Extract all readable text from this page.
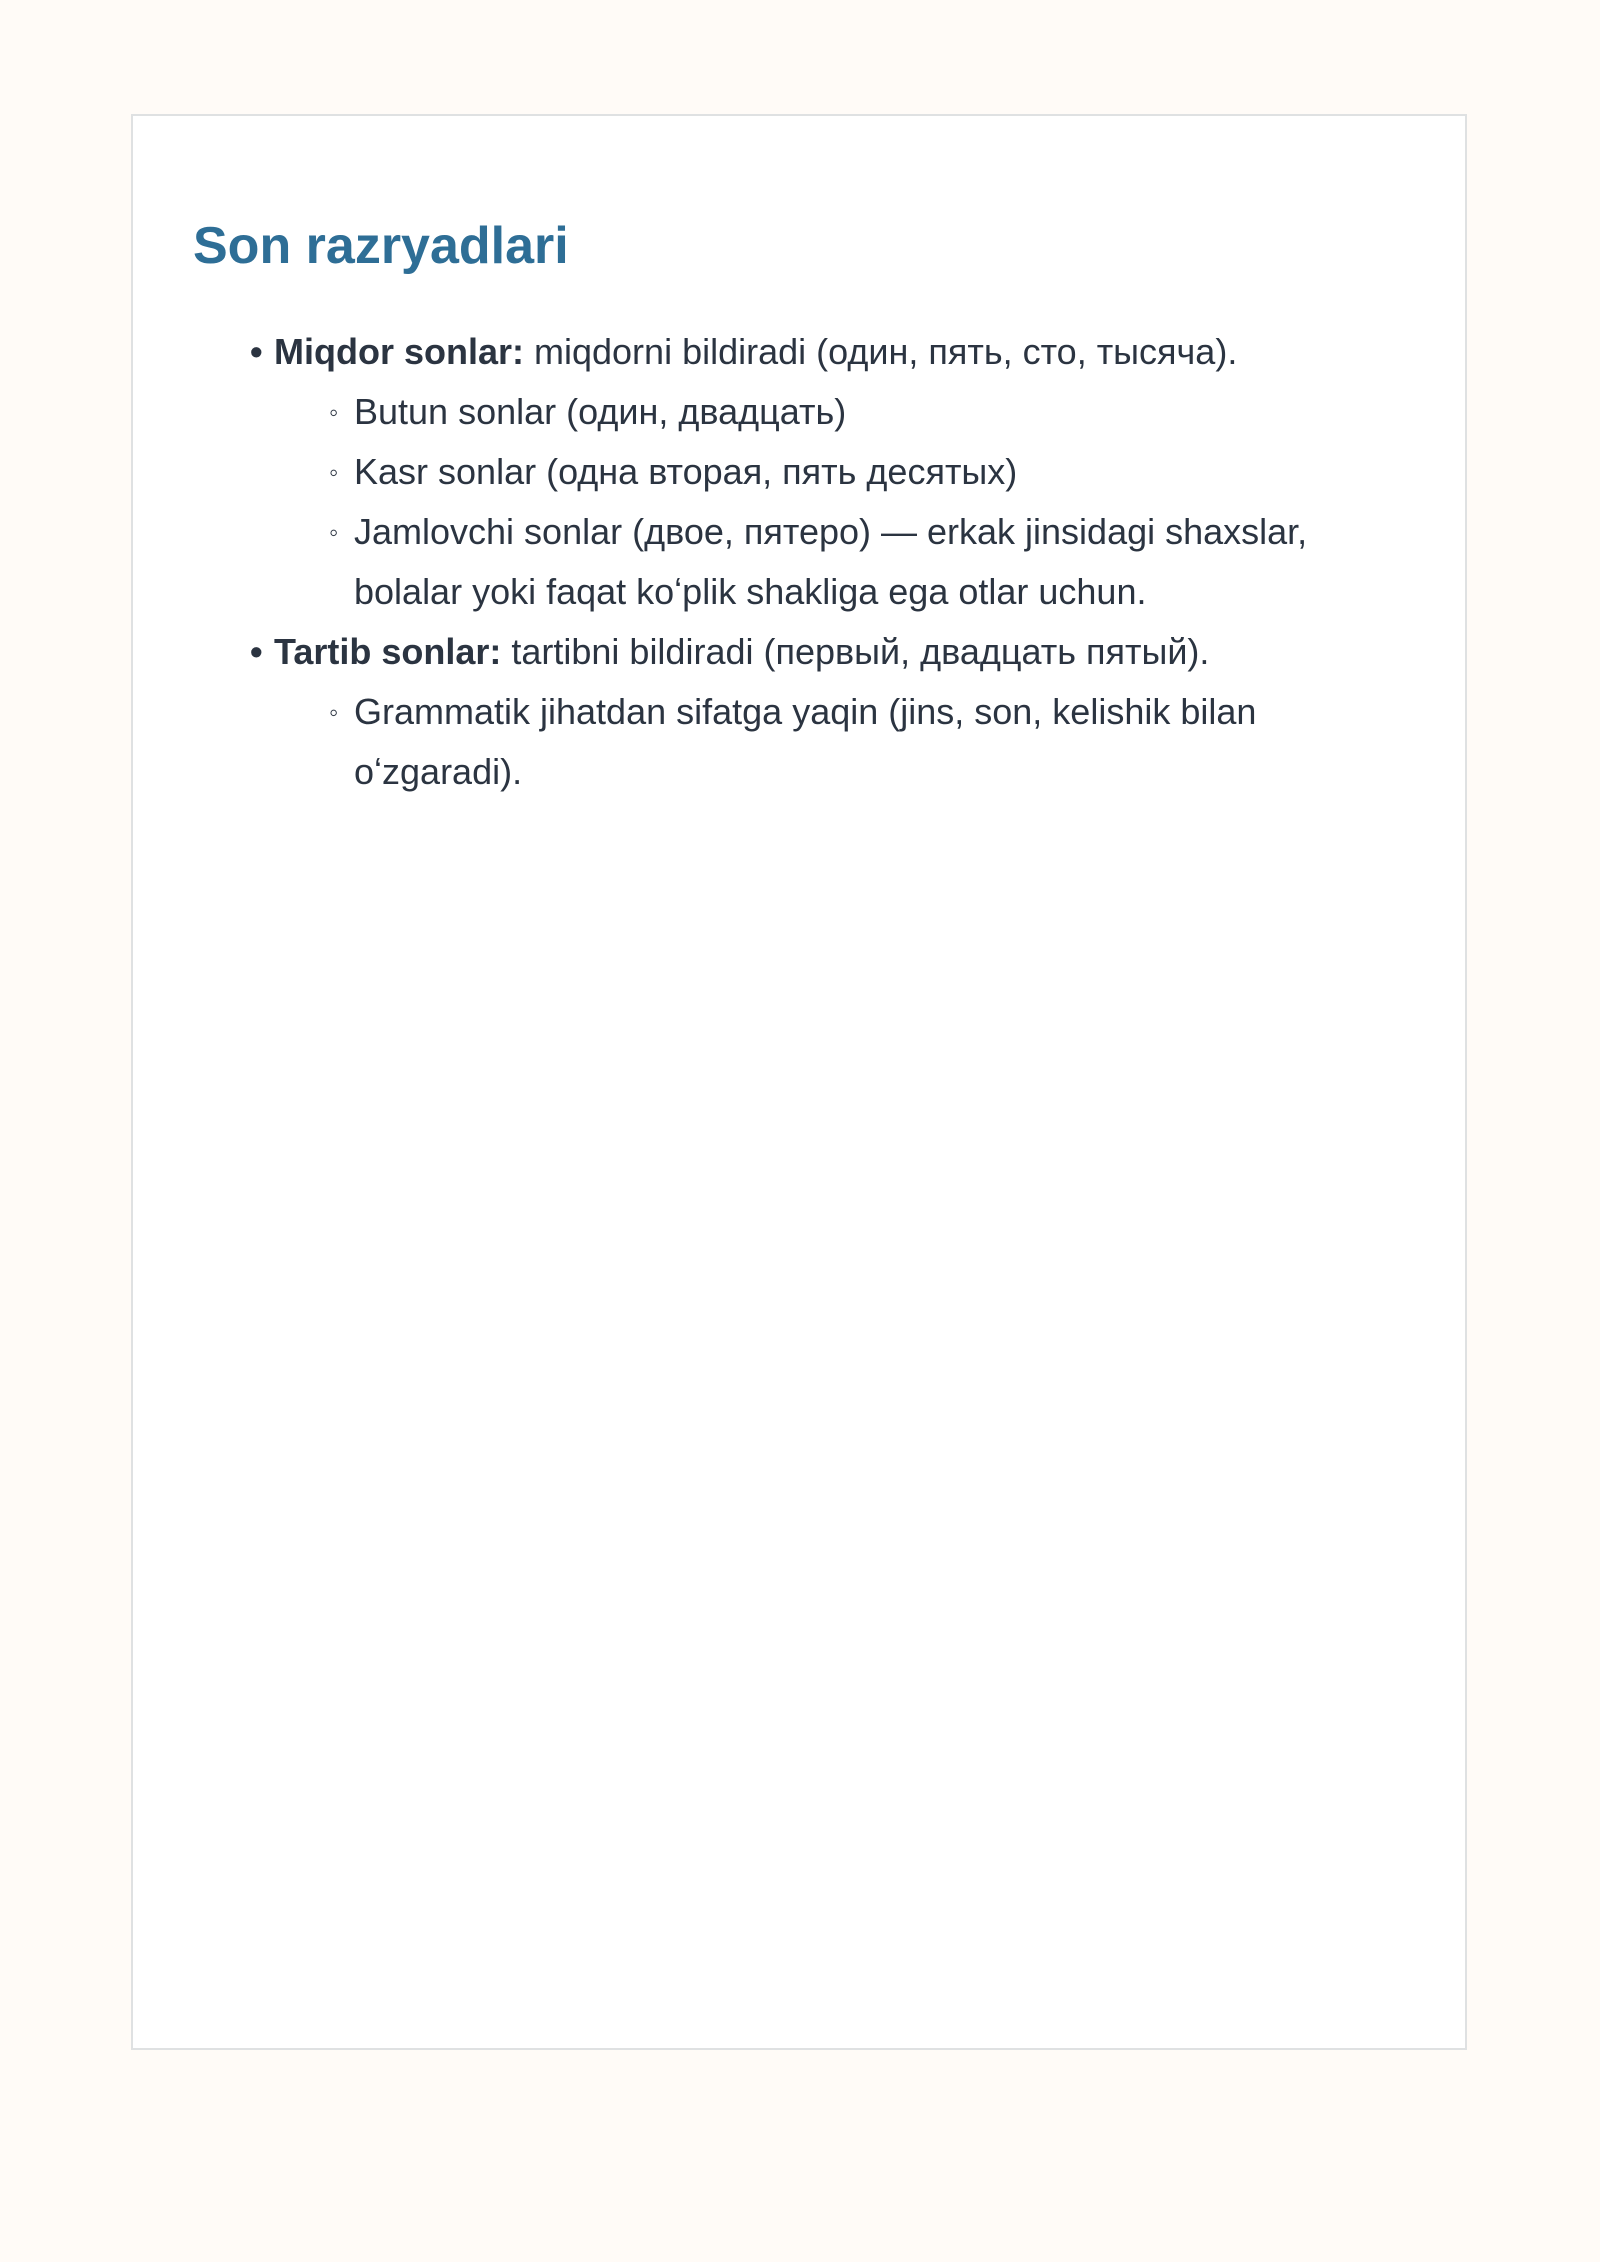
Son razryadlari
• Miqdor sonlar: miqdorni bildiradi (один, пять, сто, тысяча).
◦ Butun sonlar (один, двадцать)
◦ Kasr sonlar (одна вторая, пять десятых)
◦ Jamlovchi sonlar (двое, пятеро) — erkak jinsidagi shaxslar, bolalar yoki faqat koʻplik shakliga ega otlar uchun.
• Tartib sonlar: tartibni bildiradi (первый, двадцать пятый).
◦ Grammatik jihatdan sifatga yaqin (jins, son, kelishik bilan oʻzgaradi).
